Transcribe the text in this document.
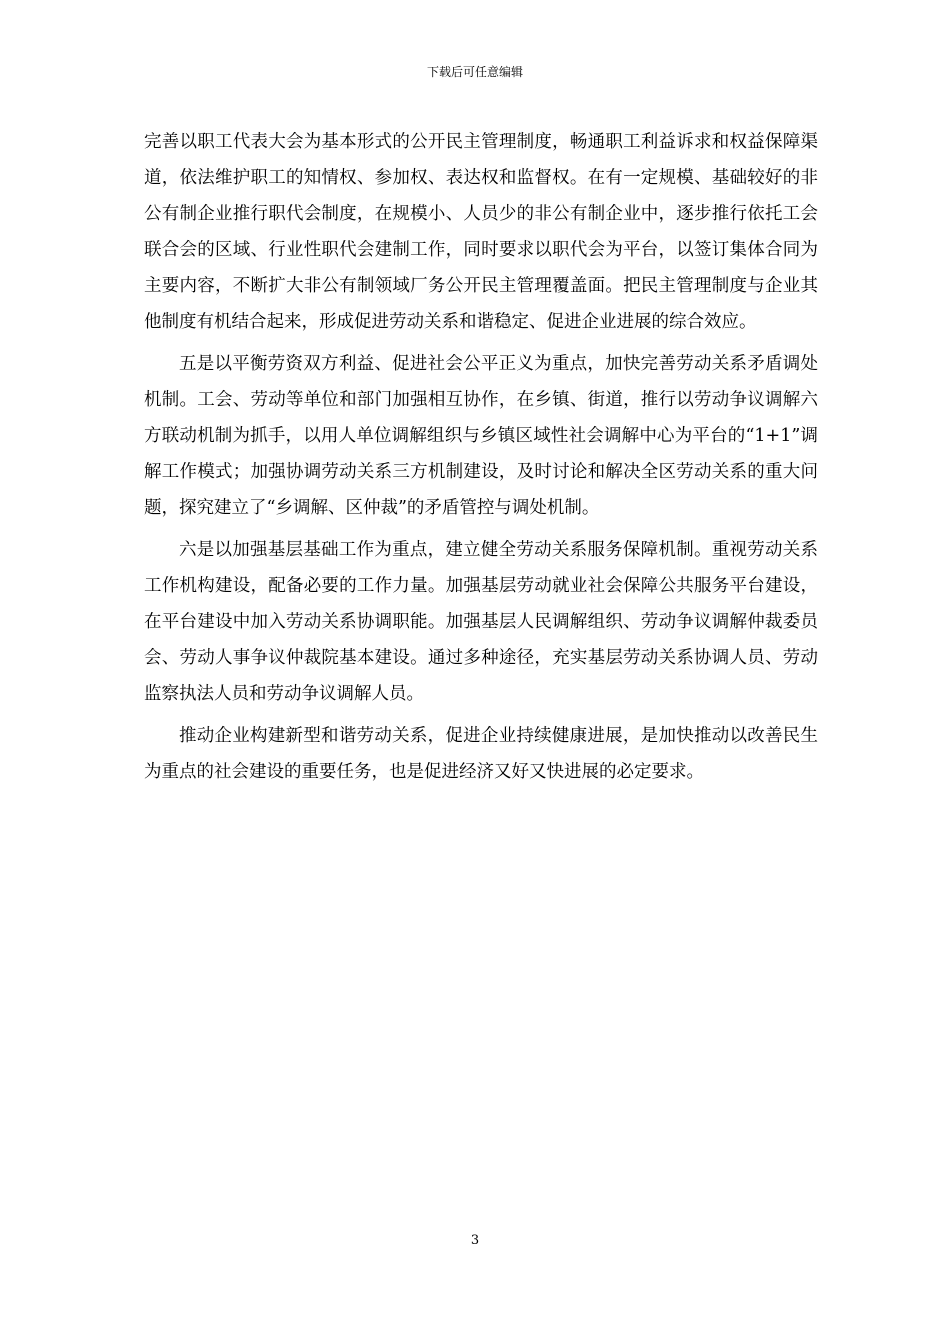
下载后可任意编辑

完善以职工代表大会为基本形式的公开民主管理制度，畅通职工利益诉求和权益保障渠道，依法维护职工的知情权、参加权、表达权和监督权。在有一定规模、基础较好的非公有制企业推行职代会制度，在规模小、人员少的非公有制企业中，逐步推行依托工会联合会的区域、行业性职代会建制工作，同时要求以职代会为平台，以签订集体合同为主要内容，不断扩大非公有制领域厂务公开民主管理覆盖面。把民主管理制度与企业其他制度有机结合起来，形成促进劳动关系和谐稳定、促进企业进展的综合效应。

五是以平衡劳资双方利益、促进社会公平正义为重点，加快完善劳动关系矛盾调处机制。工会、劳动等单位和部门加强相互协作，在乡镇、街道，推行以劳动争议调解六方联动机制为抓手，以用人单位调解组织与乡镇区域性社会调解中心为平台的“1+1”调解工作模式；加强协调劳动关系三方机制建设，及时讨论和解决全区劳动关系的重大问题，探究建立了“乡调解、区仲裁”的矛盾管控与调处机制。

六是以加强基层基础工作为重点，建立健全劳动关系服务保障机制。重视劳动关系工作机构建设，配备必要的工作力量。加强基层劳动就业社会保障公共服务平台建设，在平台建设中加入劳动关系协调职能。加强基层人民调解组织、劳动争议调解仲裁委员会、劳动人事争议仲裁院基本建设。通过多种途径，充实基层劳动关系协调人员、劳动监察执法人员和劳动争议调解人员。

推动企业构建新型和谐劳动关系，促进企业持续健康进展，是加快推动以改善民生为重点的社会建设的重要任务，也是促进经济又好又快进展的必定要求。

3
